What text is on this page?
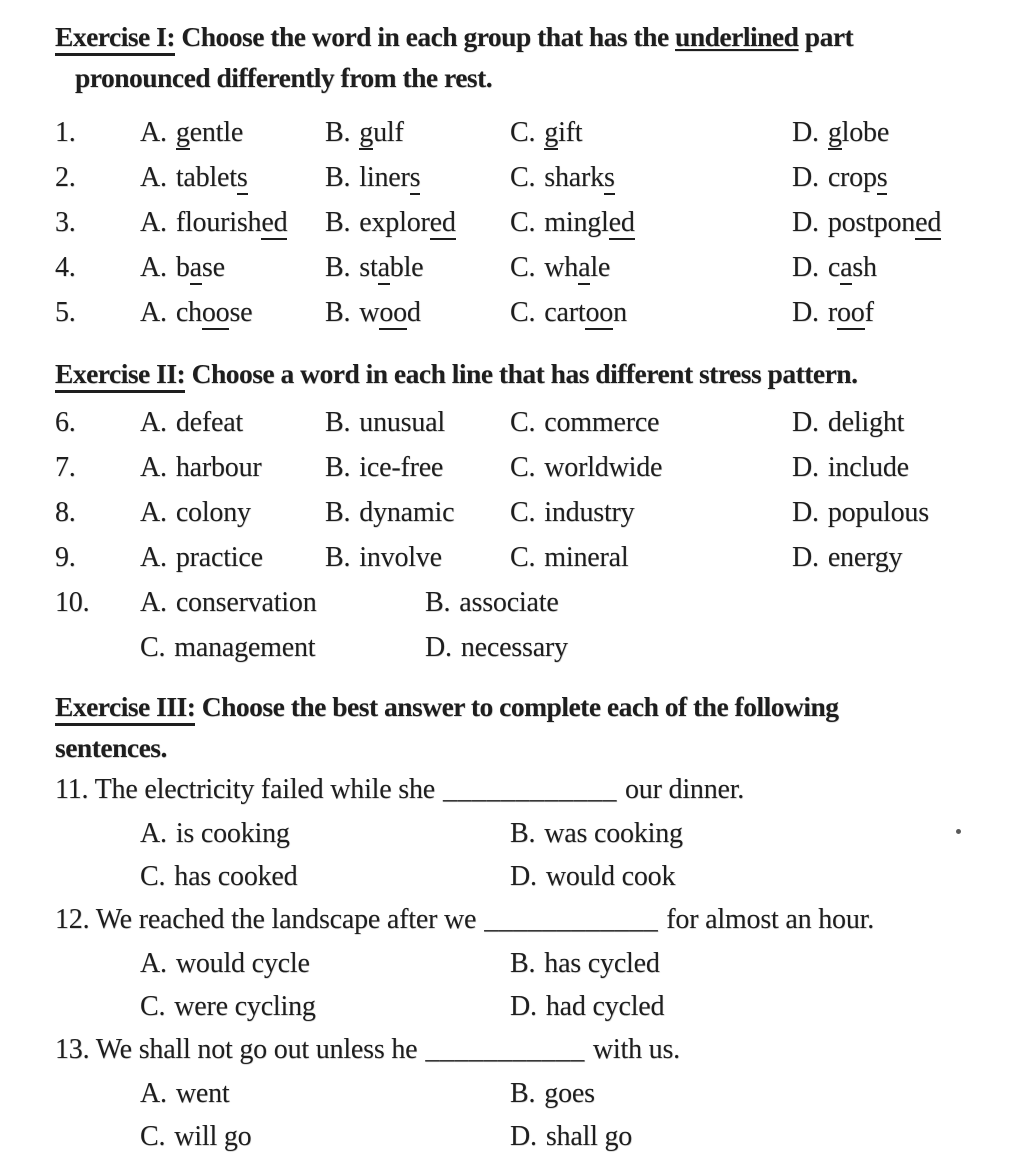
Exercise I: Choose the word in each group that has the underlined part
pronounced differently from the rest.
1.	A. gentle	B. gulf	C. gift	D. globe
2.	A. tablets	B. liners	C. sharks	D. crops
3.	A. flourished	B. explored	C. mingled	D. postponed
4.	A. base	B. stable	C. whale	D. cash
5.	A. choose	B. wood	C. cartoon	D. roof
Exercise II: Choose a word in each line that has different stress pattern.
6.	A. defeat	B. unusual	C. commerce	D. delight
7.	A. harbour	B. ice-free	C. worldwide	D. include
8.	A. colony	B. dynamic	C. industry	D. populous
9.	A. practice	B. involve	C. mineral	D. energy
10.	A. conservation	B. associate
C. management	D. necessary
Exercise III: Choose the best answer to complete each of the following
sentences.
11. The electricity failed while she ____________ our dinner.
A. is cooking	B. was cooking
C. has cooked	D. would cook
12. We reached the landscape after we ____________ for almost an hour.
A. would cycle	B. has cycled
C. were cycling	D. had cycled
13. We shall not go out unless he ___________ with us.
A. went	B. goes
C. will go	D. shall go
